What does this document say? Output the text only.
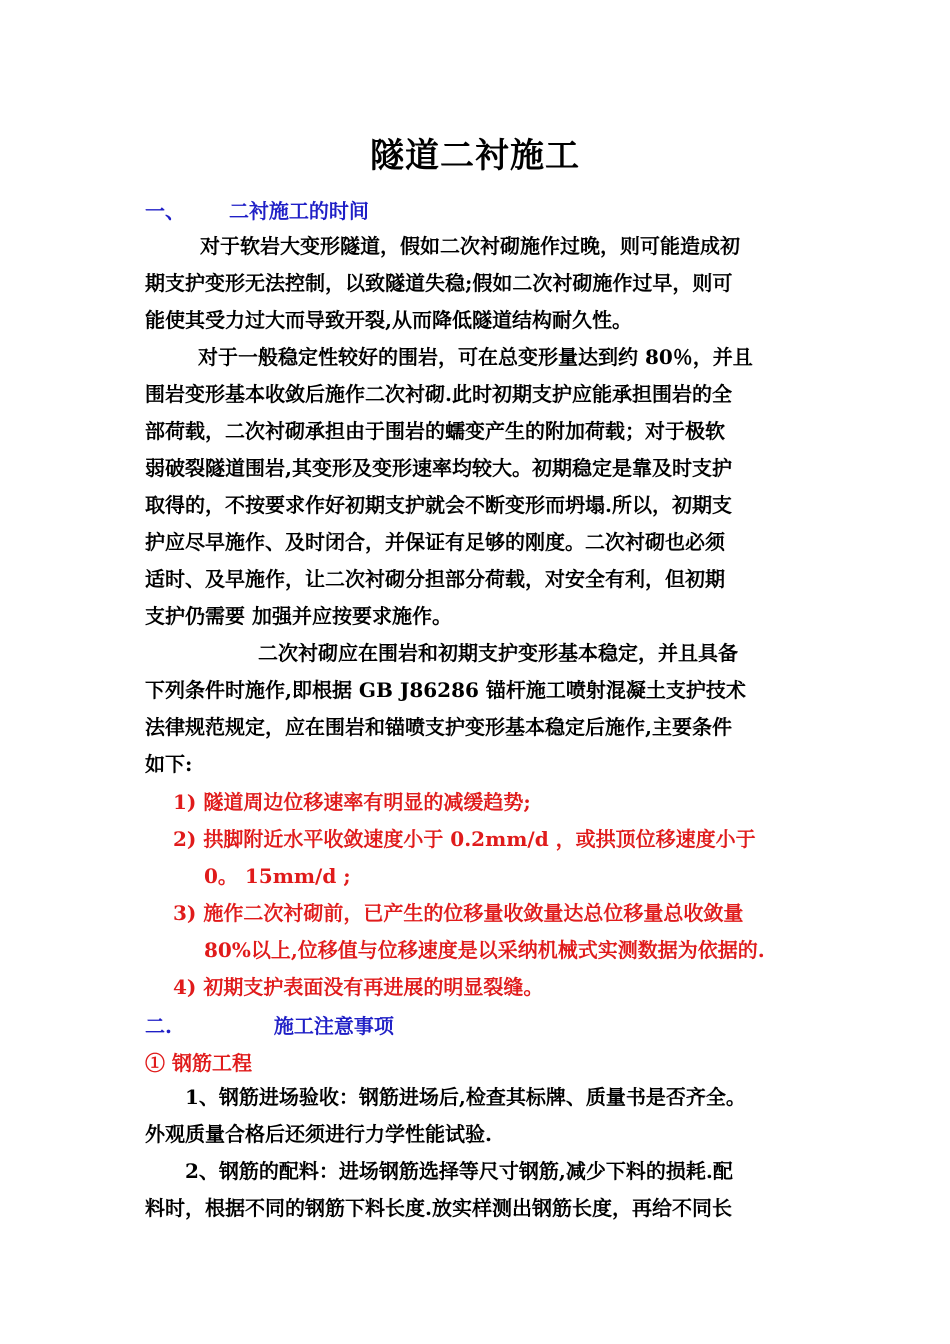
隧道二衬施工
一、 二衬施工的时间
对于软岩大变形隧道，假如二次衬砌施作过晚，则可能造成初
期支护变形无法控制，以致隧道失稳;假如二次衬砌施作过早，则可
能使其受力过大而导致开裂,从而降低隧道结构耐久性。
对于一般稳定性较好的围岩，可在总变形量达到约 80％，并且
围岩变形基本收敛后施作二次衬砌.此时初期支护应能承担围岩的全
部荷载，二次衬砌承担由于围岩的蠕变产生的附加荷载；对于极软
弱破裂隧道围岩,其变形及变形速率均较大。初期稳定是靠及时支护
取得的，不按要求作好初期支护就会不断变形而坍塌.所以，初期支
护应尽早施作、及时闭合，并保证有足够的刚度。二次衬砌也必须
适时、及早施作，让二次衬砌分担部分荷载，对安全有利，但初期
支护仍需要 加强并应按要求施作。
二次衬砌应在围岩和初期支护变形基本稳定，并且具备
下列条件时施作,即根据 GB J86286 锚杆施工喷射混凝土支护技术
法律规范规定，应在围岩和锚喷支护变形基本稳定后施作,主要条件
如下:
1) 隧道周边位移速率有明显的减缓趋势;
2) 拱脚附近水平收敛速度小于 0.2mm/d ，或拱顶位移速度小于
0。 15mm/d ;
3) 施作二次衬砌前，已产生的位移量收敛量达总位移量总收敛量
80%以上,位移值与位移速度是以采纳机械式实测数据为依据的.
4) 初期支护表面没有再进展的明显裂缝。
二.	施工注意事项
① 钢筋工程
1、钢筋进场验收：钢筋进场后,检查其标牌、质量书是否齐全。
外观质量合格后还须进行力学性能试验.
2、钢筋的配料：进场钢筋选择等尺寸钢筋,减少下料的损耗.配
料时，根据不同的钢筋下料长度.放实样测出钢筋长度，再给不同长
